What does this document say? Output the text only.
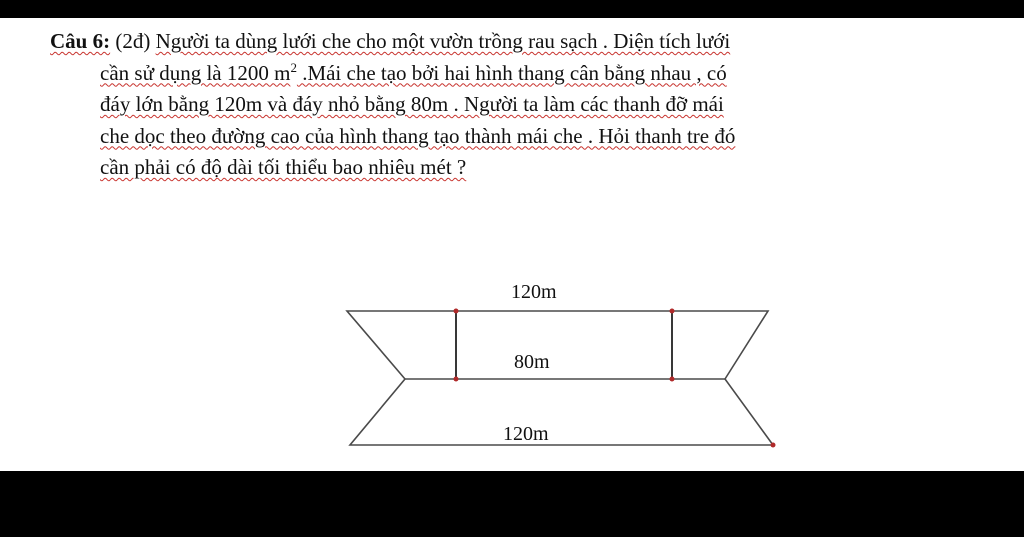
Câu 6: (2đ) Người ta dùng lưới che cho một vườn trồng rau sạch . Diện tích lưới
cần sử dụng là 1200 $m^2$ .Mái che tạo bởi hai hình thang cân bằng nhau , có
đáy lớn bằng 120m và đáy nhỏ bằng 80m . Người ta làm các thanh đỡ mái
che dọc theo đường cao của hình thang tạo thành mái che . Hỏi thanh tre đó
cần phải có độ dài tối thiểu bao nhiêu mét ?
120m
80m
120m
